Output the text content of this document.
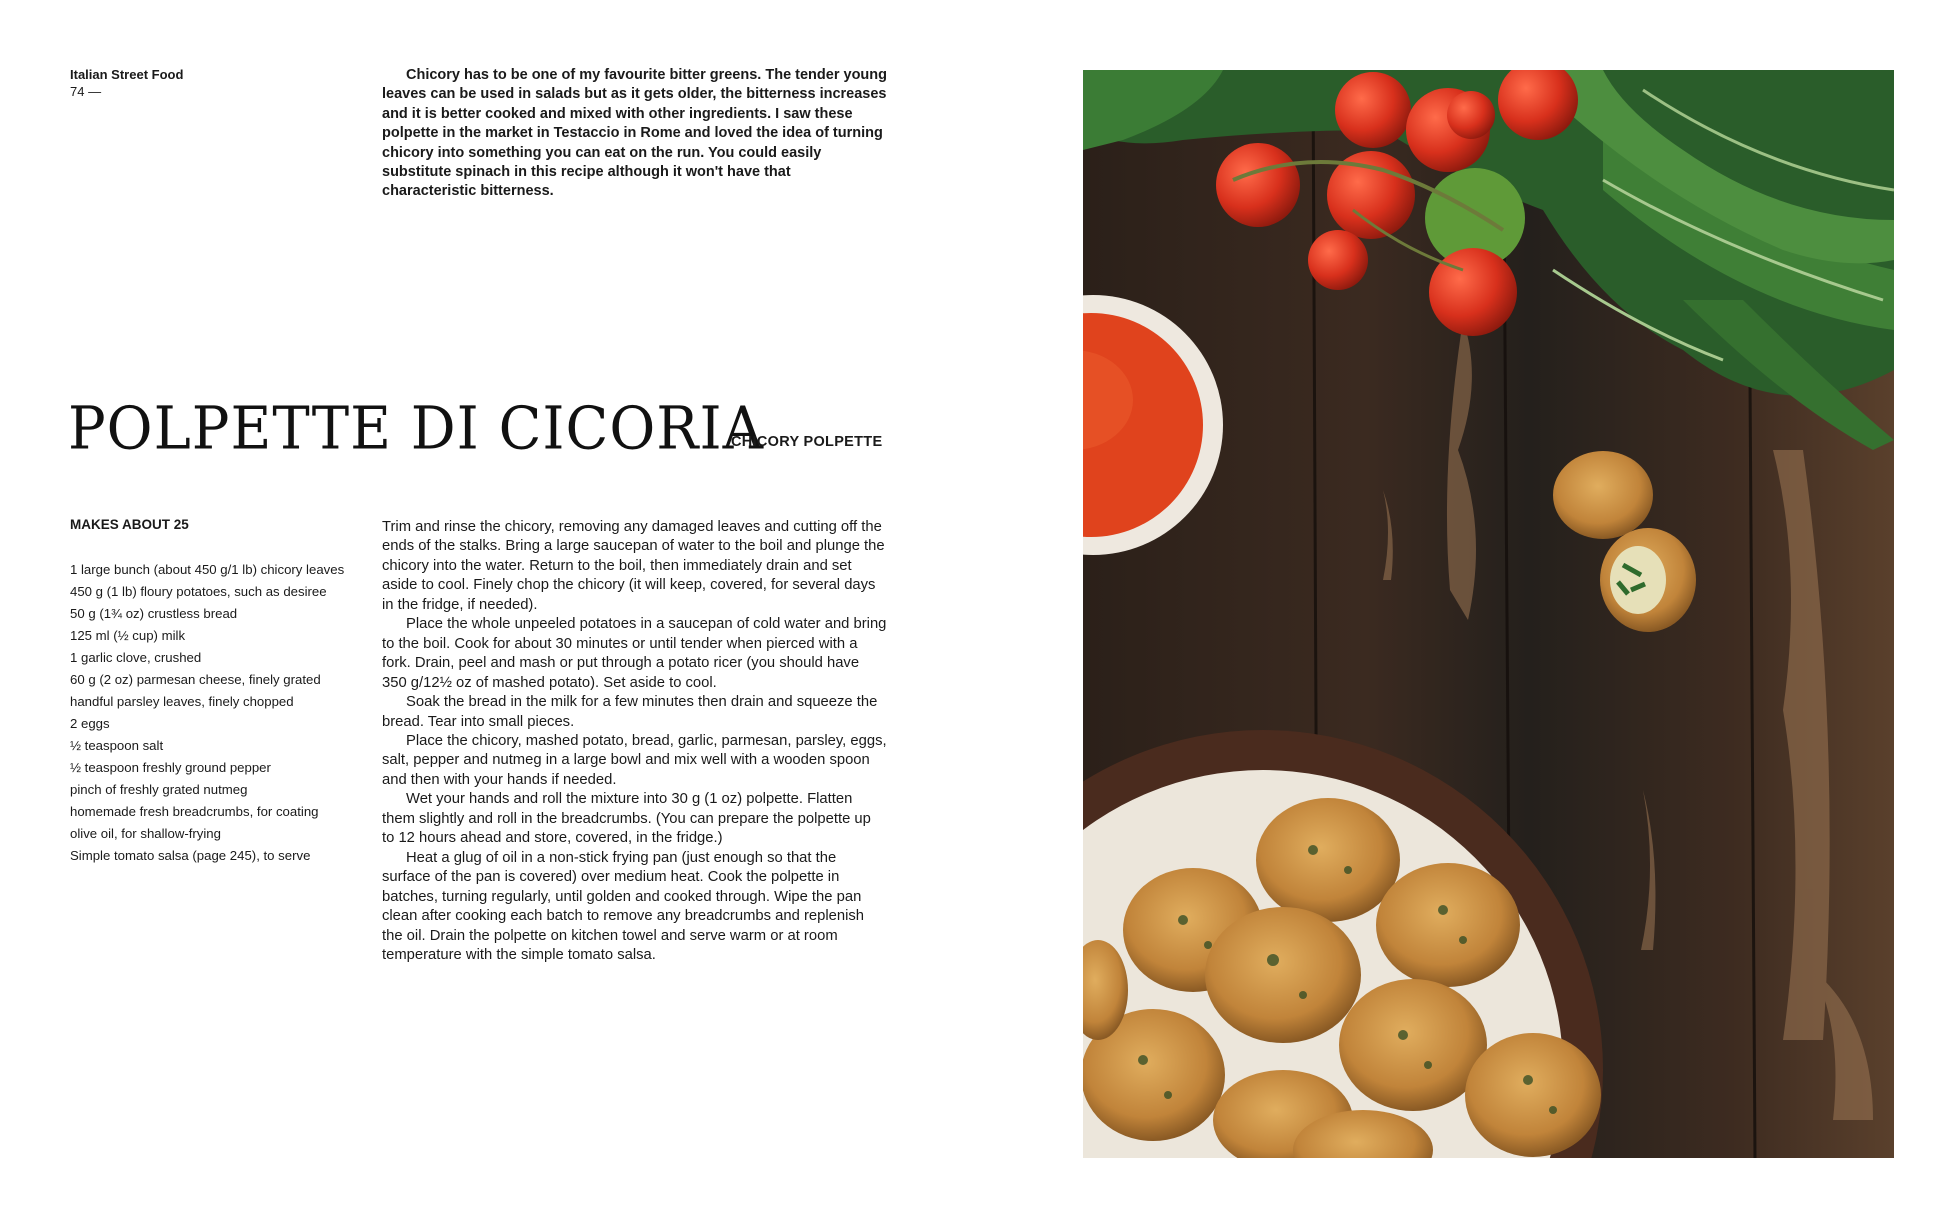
Italian Street Food
74 —

Chicory has to be one of my favourite bitter greens. The tender young leaves can be used in salads but as it gets older, the bitterness increases and it is better cooked and mixed with other ingredients. I saw these polpette in the market in Testaccio in Rome and loved the idea of turning chicory into something you can eat on the run. You could easily substitute spinach in this recipe although it won't have that characteristic bitterness.

POLPETTE DI CICORIA
CHICORY POLPETTE
MAKES ABOUT 25
1 large bunch (about 450 g/1 lb) chicory leaves
450 g (1 lb) floury potatoes, such as desiree
50 g (1¾ oz) crustless bread
125 ml (½ cup) milk
1 garlic clove, crushed
60 g (2 oz) parmesan cheese, finely grated
handful parsley leaves, finely chopped
2 eggs
½ teaspoon salt
½ teaspoon freshly ground pepper
pinch of freshly grated nutmeg
homemade fresh breadcrumbs, for coating
olive oil, for shallow-frying
Simple tomato salsa (page 245), to serve

Trim and rinse the chicory, removing any damaged leaves and cutting off the ends of the stalks. Bring a large saucepan of water to the boil and plunge the chicory into the water. Return to the boil, then immediately drain and set aside to cool. Finely chop the chicory (it will keep, covered, for several days in the fridge, if needed).

Place the whole unpeeled potatoes in a saucepan of cold water and bring to the boil. Cook for about 30 minutes or until tender when pierced with a fork. Drain, peel and mash or put through a potato ricer (you should have 350 g/12½ oz of mashed potato). Set aside to cool.

Soak the bread in the milk for a few minutes then drain and squeeze the bread. Tear into small pieces.

Place the chicory, mashed potato, bread, garlic, parmesan, parsley, eggs, salt, pepper and nutmeg in a large bowl and mix well with a wooden spoon and then with your hands if needed.

Wet your hands and roll the mixture into 30 g (1 oz) polpette. Flatten them slightly and roll in the breadcrumbs. (You can prepare the polpette up to 12 hours ahead and store, covered, in the fridge.)

Heat a glug of oil in a non-stick frying pan (just enough so that the surface of the pan is covered) over medium heat. Cook the polpette in batches, turning regularly, until golden and cooked through. Wipe the pan clean after cooking each batch to remove any breadcrumbs and replenish the oil. Drain the polpette on kitchen towel and serve warm or at room temperature with the simple tomato salsa.
